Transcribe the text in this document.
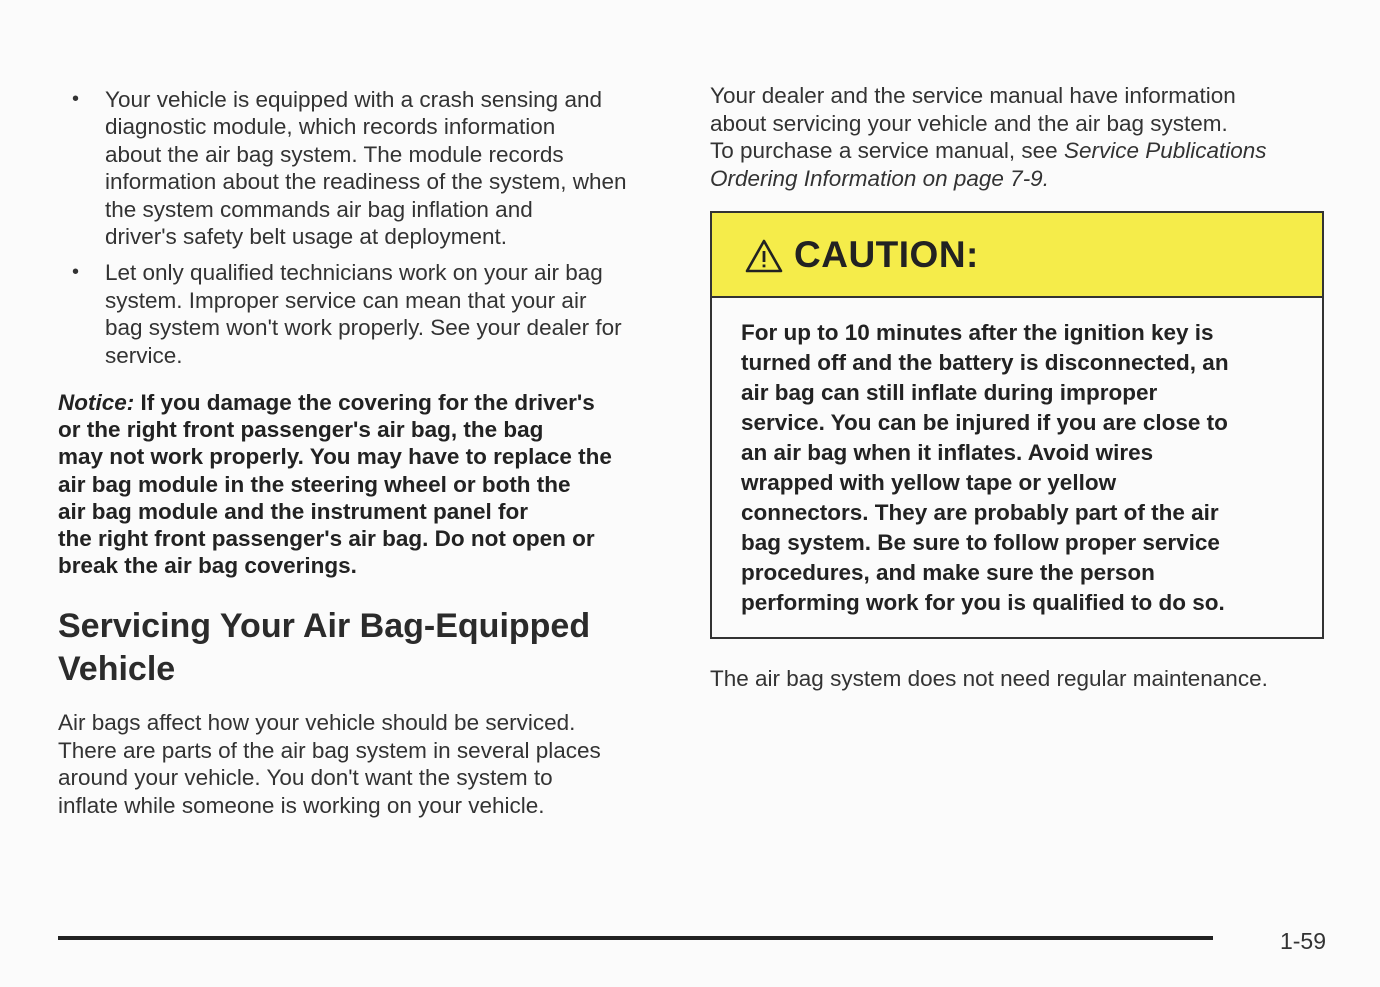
• Your vehicle is equipped with a crash sensing and
diagnostic module, which records information
about the air bag system. The module records
information about the readiness of the system, when
the system commands air bag inflation and
driver's safety belt usage at deployment.
• Let only qualified technicians work on your air bag
system. Improper service can mean that your air
bag system won't work properly. See your dealer for
service.

Notice: If you damage the covering for the driver's
or the right front passenger's air bag, the bag
may not work properly. You may have to replace the
air bag module in the steering wheel or both the
air bag module and the instrument panel for
the right front passenger's air bag. Do not open or
break the air bag coverings.

Servicing Your Air Bag-Equipped
Vehicle

Air bags affect how your vehicle should be serviced.
There are parts of the air bag system in several places
around your vehicle. You don't want the system to
inflate while someone is working on your vehicle.

Your dealer and the service manual have information
about servicing your vehicle and the air bag system.
To purchase a service manual, see Service Publications
Ordering Information on page 7-9.

CAUTION:

For up to 10 minutes after the ignition key is
turned off and the battery is disconnected, an
air bag can still inflate during improper
service. You can be injured if you are close to
an air bag when it inflates. Avoid wires
wrapped with yellow tape or yellow
connectors. They are probably part of the air
bag system. Be sure to follow proper service
procedures, and make sure the person
performing work for you is qualified to do so.

The air bag system does not need regular maintenance.

1-59
